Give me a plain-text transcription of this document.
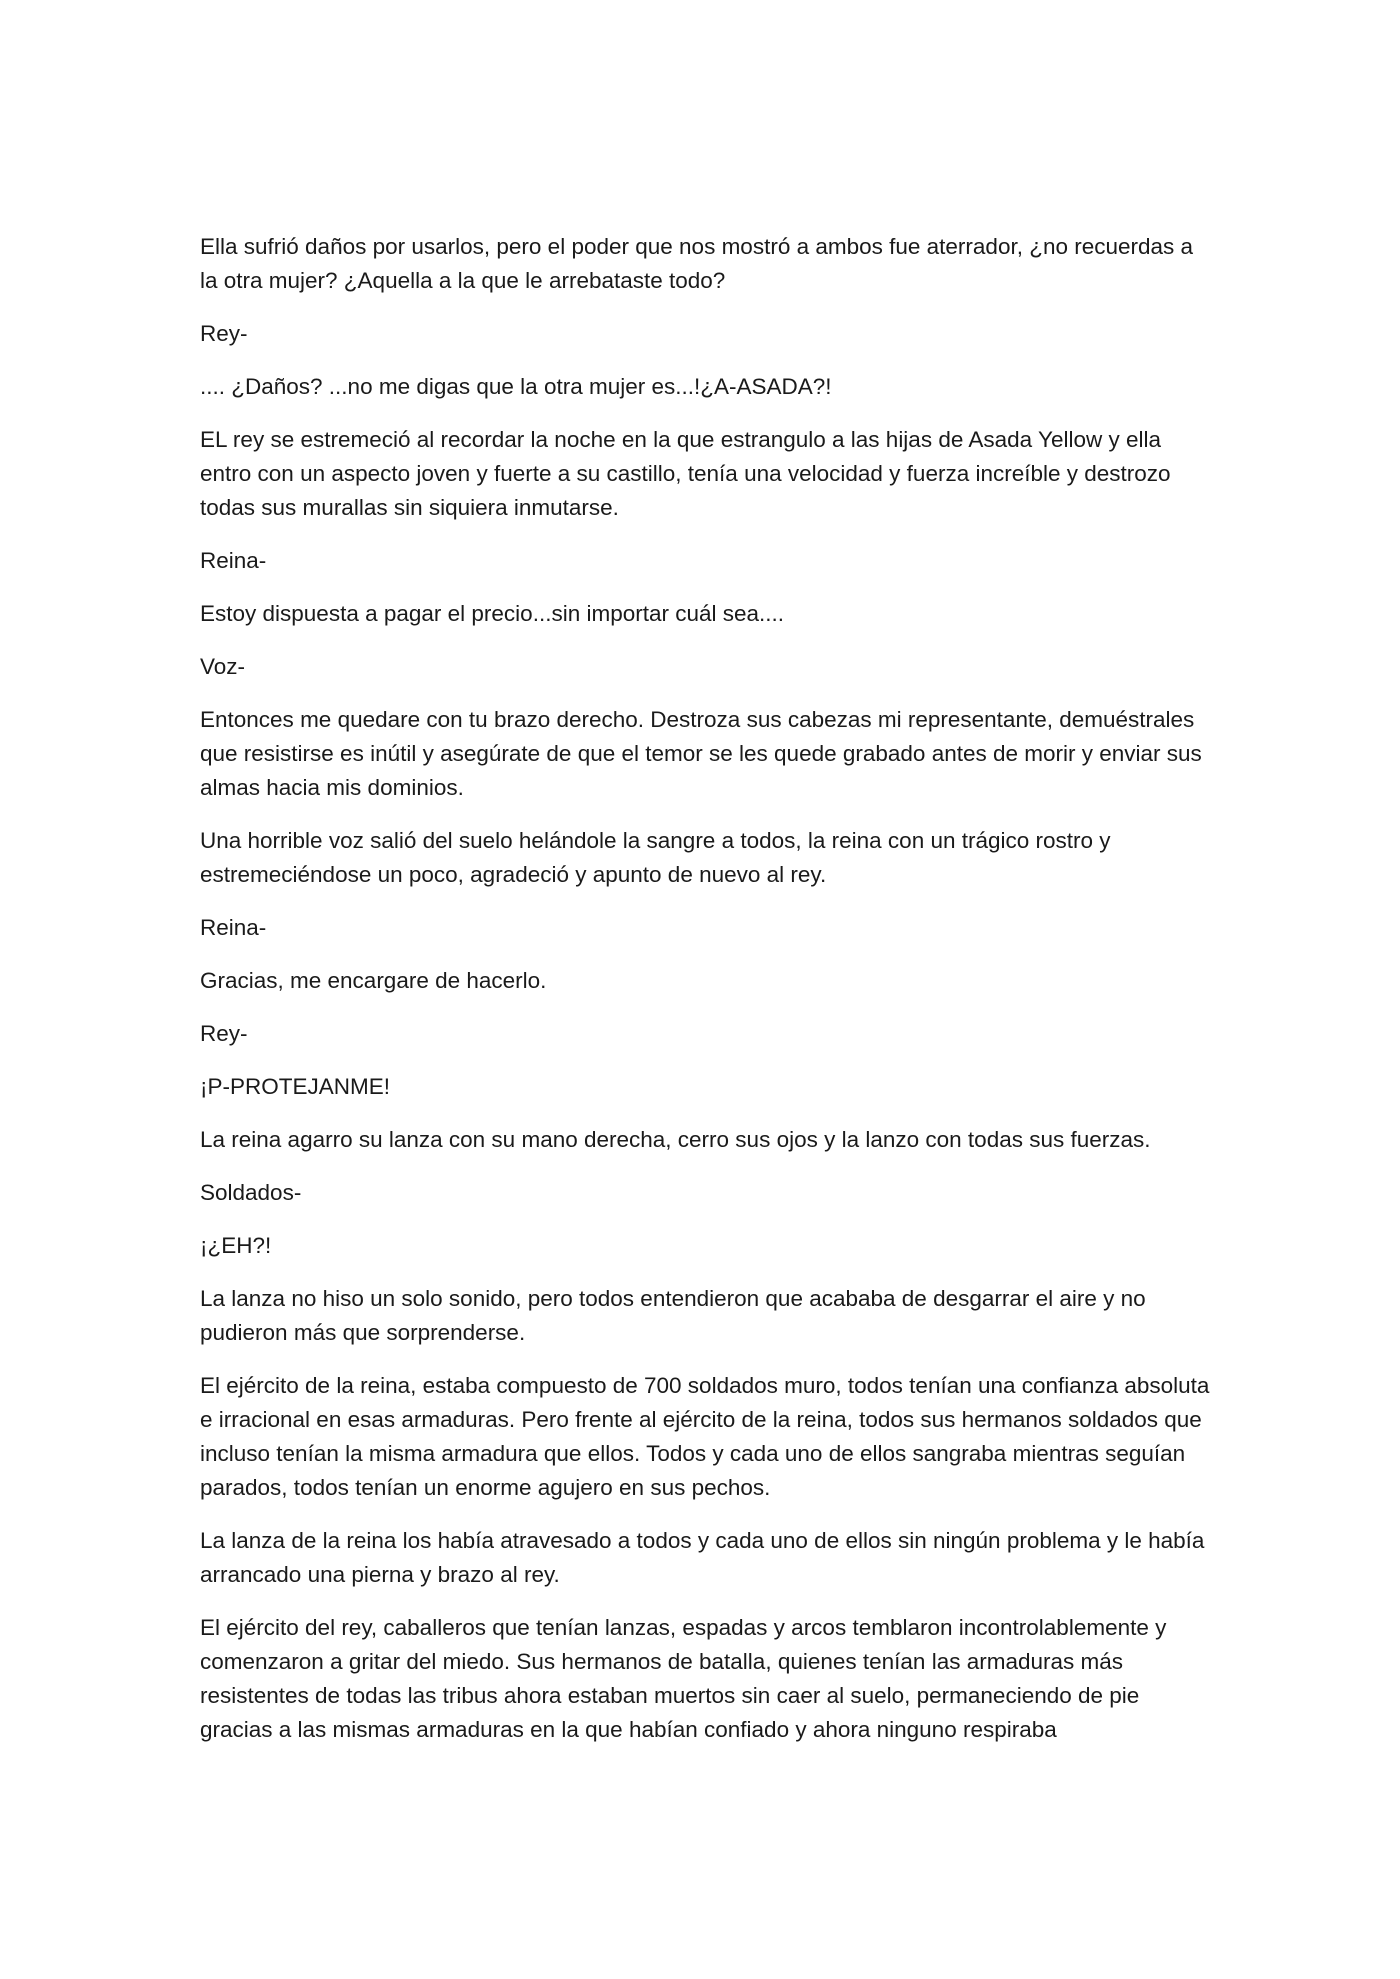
Ella sufrió daños por usarlos, pero el poder que nos mostró a ambos fue aterrador, ¿no recuerdas a la otra mujer? ¿Aquella a la que le arrebataste todo?

Rey-

.... ¿Daños? ...no me digas que la otra mujer es...!¿A-ASADA?!

EL rey se estremeció al recordar la noche en la que estrangulo a las hijas de Asada Yellow y ella entro con un aspecto joven y fuerte a su castillo, tenía una velocidad y fuerza increíble y destrozo todas sus murallas sin siquiera inmutarse.

Reina-

Estoy dispuesta a pagar el precio...sin importar cuál sea....

Voz-

Entonces me quedare con tu brazo derecho. Destroza sus cabezas mi representante, demuéstrales que resistirse es inútil y asegúrate de que el temor se les quede grabado antes de morir y enviar sus almas hacia mis dominios.

Una horrible voz salió del suelo helándole la sangre a todos, la reina con un trágico rostro y estremeciéndose un poco, agradeció y apunto de nuevo al rey.

Reina-

Gracias, me encargare de hacerlo.

Rey-

¡P-PROTEJANME!

La reina agarro su lanza con su mano derecha, cerro sus ojos y la lanzo con todas sus fuerzas.

Soldados-

¡¿EH?!

La lanza no hiso un solo sonido, pero todos entendieron que acababa de desgarrar el aire y no pudieron más que sorprenderse.

El ejército de la reina, estaba compuesto de 700 soldados muro, todos tenían una confianza absoluta e irracional en esas armaduras. Pero frente al ejército de la reina, todos sus hermanos soldados que incluso tenían la misma armadura que ellos. Todos y cada uno de ellos sangraba mientras seguían parados, todos tenían un enorme agujero en sus pechos.

La lanza de la reina los había atravesado a todos y cada uno de ellos sin ningún problema y le había arrancado una pierna y brazo al rey.

El ejército del rey, caballeros que tenían lanzas, espadas y arcos temblaron incontrolablemente y comenzaron a gritar del miedo. Sus hermanos de batalla, quienes tenían las armaduras más resistentes de todas las tribus ahora estaban muertos sin caer al suelo, permaneciendo de pie gracias a las mismas armaduras en la que habían confiado y ahora ninguno respiraba
